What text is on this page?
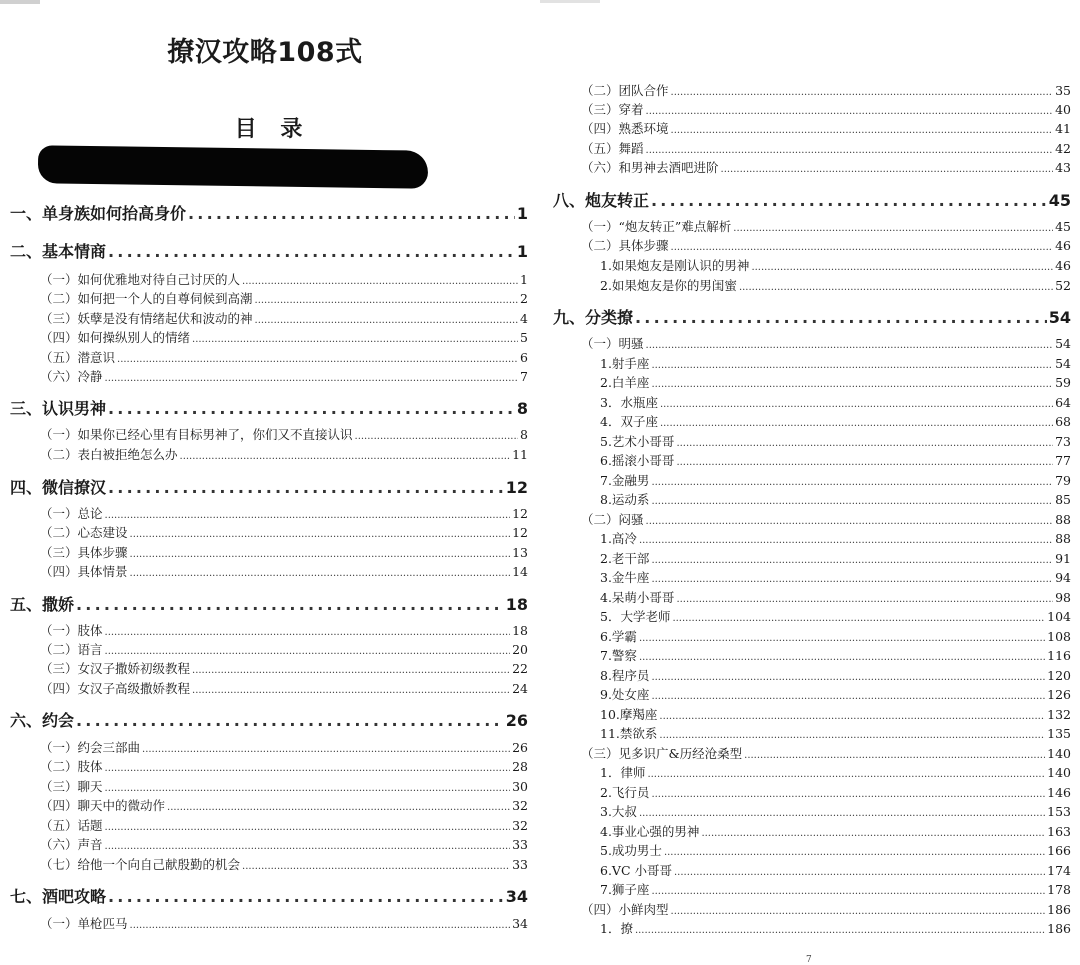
撩汉攻略108式
目 录
一、单身族如何抬高身价 .....	1
二、基本情商 .....	1
（一）如何优雅地对待自己讨厌的人 .....	1
（二）如何把一个人的自尊伺候到高潮 .....	2
（三）妖孽是没有情绪起伏和波动的神 .....	4
（四）如何操纵别人的情绪 .....	5
（五）潜意识 .....	6
（六）冷静 .....	7
三、认识男神 .....	8
（一）如果你已经心里有目标男神了，你们又不直接认识 .....	8
（二）表白被拒绝怎么办 .....	11
四、微信撩汉 .....	12
（一）总论 .....	12
（二）心态建设 .....	12
（三）具体步骤 .....	13
（四）具体情景 .....	14
五、撒娇 .....	18
（一）肢体 .....	18
（二）语言 .....	20
（三）女汉子撒娇初级教程 .....	22
（四）女汉子高级撒娇教程 .....	24
六、约会 .....	26
（一）约会三部曲 .....	26
（二）肢体 .....	28
（三）聊天 .....	30
（四）聊天中的微动作 .....	32
（五）话题 .....	32
（六）声音 .....	33
（七）给他一个向自己献殷勤的机会 .....	33
七、酒吧攻略 .....	34
（一）单枪匹马 .....	34
（二）团队合作 .....	35
（三）穿着 .....	40
（四）熟悉环境 .....	41
（五）舞蹈 .....	42
（六）和男神去酒吧进阶 .....	43
八、炮友转正 .....	45
（一）“炮友转正”难点解析 .....	45
（二）具体步骤 .....	46
1.如果炮友是刚认识的男神 .....	46
2.如果炮友是你的男闺蜜 .....	52
九、分类撩 .....	54
（一）明骚 .....	54
1.射手座 .....	54
2.白羊座 .....	59
3．水瓶座 .....	64
4．双子座 .....	68
5.艺术小哥哥 .....	73
6.摇滚小哥哥 .....	77
7.金融男 .....	79
8.运动系 .....	85
（二）闷骚 .....	88
1.高冷 .....	88
2.老干部 .....	91
3.金牛座 .....	94
4.呆萌小哥哥 .....	98
5．大学老师 .....	104
6.学霸 .....	108
7.警察 .....	116
8.程序员 .....	120
9.处女座 .....	126
10.摩羯座 .....	132
11.禁欲系 .....	135
（三）见多识广&历经沧桑型 .....	140
1．律师 .....	140
2.飞行员 .....	146
3.大叔 .....	153
4.事业心强的男神 .....	163
5.成功男士 .....	166
6.VC 小哥哥 .....	174
7.狮子座 .....	178
（四）小鲜肉型 .....	186
1．撩 .....	186
7
